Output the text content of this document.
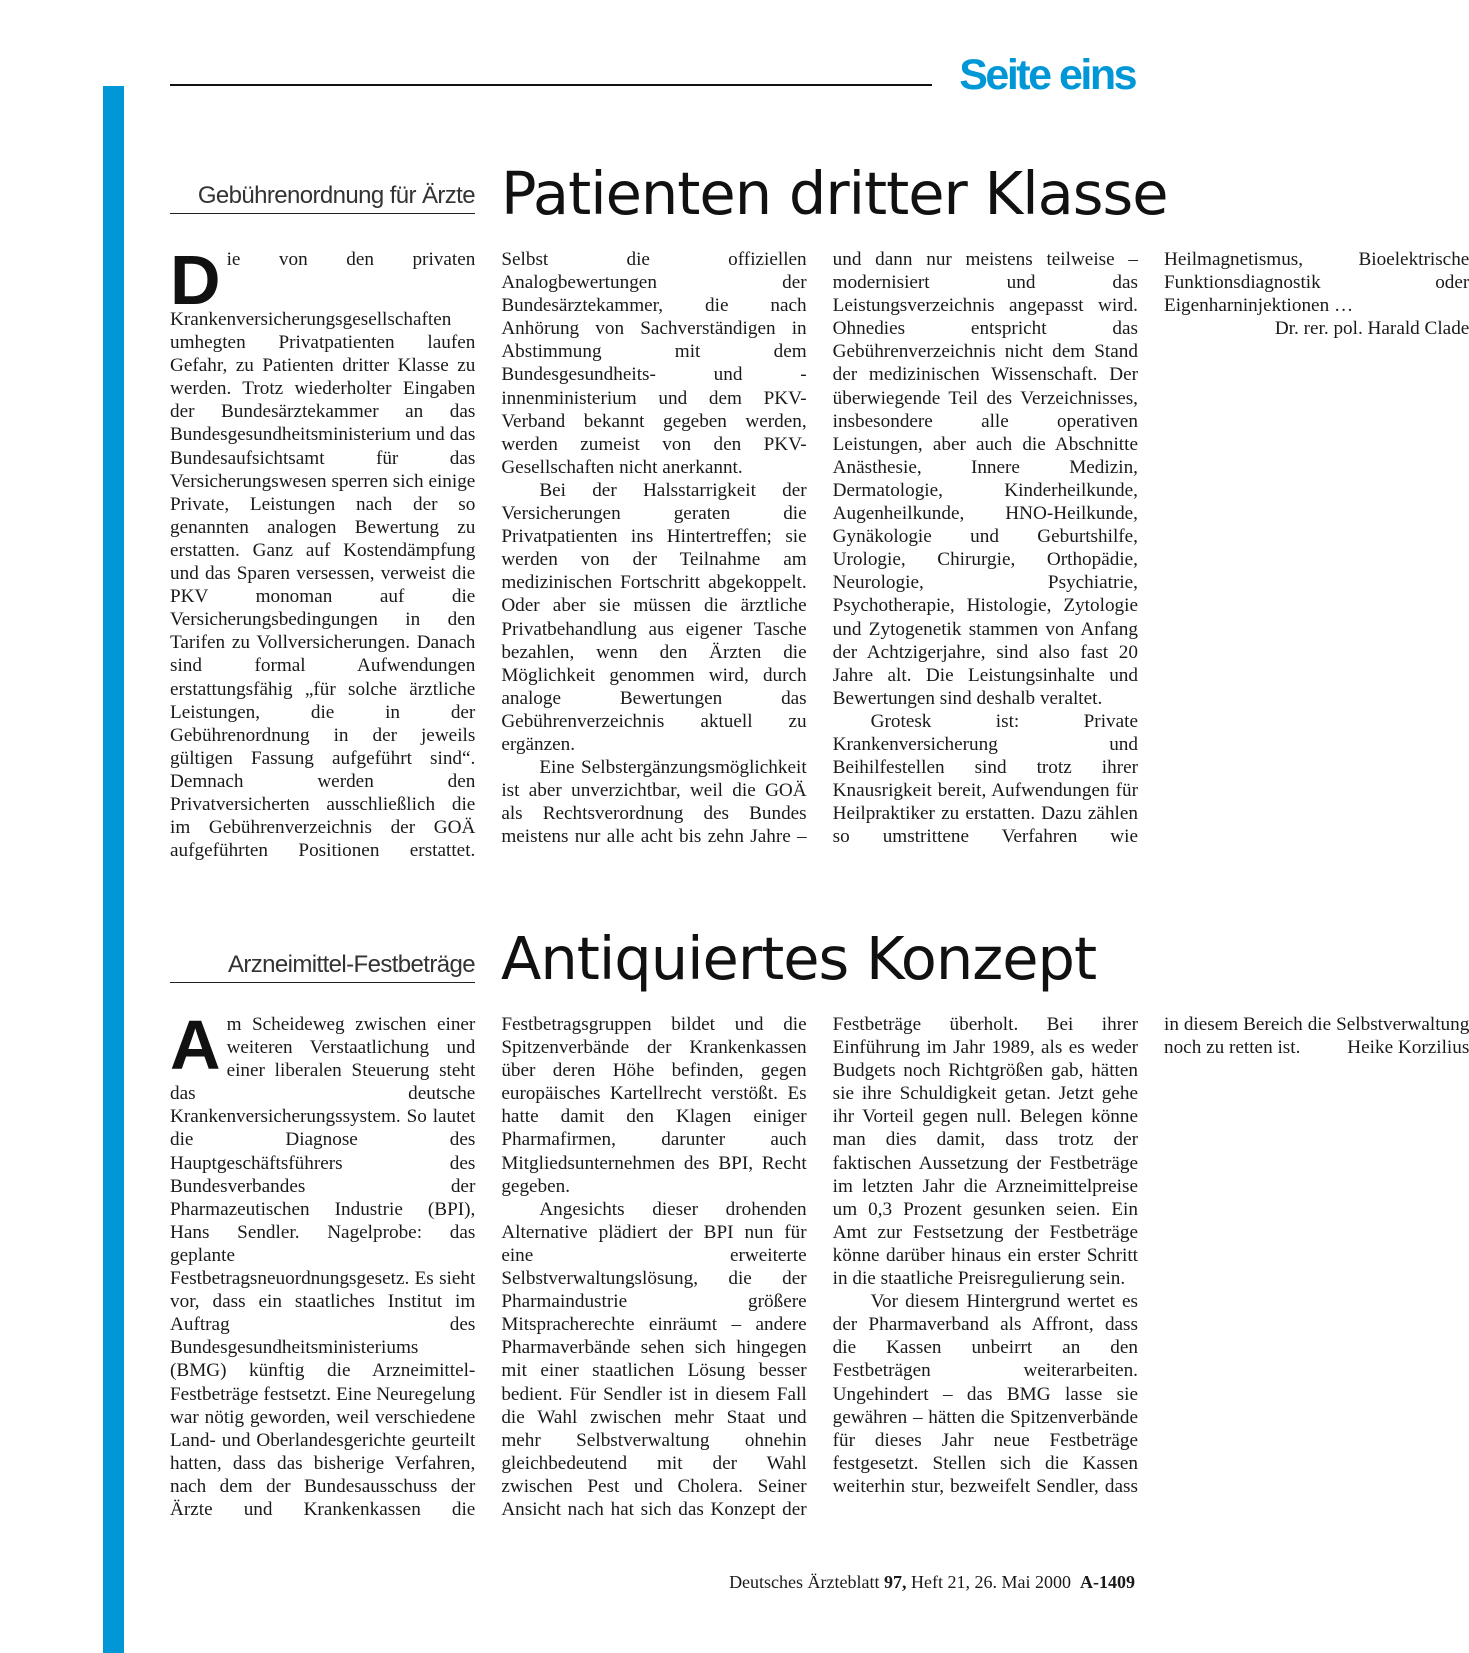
Seite eins
Gebührenordnung für Ärzte Patienten dritter Klasse

Die von den privaten Krankenversicherungsgesellschaften umhegten Privatpatienten laufen Gefahr, zu Patienten dritter Klasse zu werden. Trotz wiederholter Eingaben der Bundesärztekammer an das Bundesgesundheitsministerium und das Bundesaufsichtsamt für das Versicherungswesen sperren sich einige Private, Leistungen nach der so genannten analogen Bewertung zu erstatten. Ganz auf Kostendämpfung und das Sparen versessen, verweist die PKV monoman auf die Versicherungsbedingungen in den Tarifen zu Vollversicherungen. Danach sind formal Aufwendungen erstattungsfähig „für solche ärztliche Leistungen, die in der Gebührenordnung in der jeweils gültigen Fassung aufgeführt sind“. Demnach werden den Privatversicherten ausschließlich die im Gebührenverzeichnis der GOÄ aufgeführten Positionen erstattet. Selbst die offiziellen Analogbewertungen der Bundesärztekammer, die nach Anhörung von Sachverständigen in Abstimmung mit dem Bundesgesundheits- und -innenministerium und dem PKV-Verband bekannt gegeben werden, werden zumeist von den PKV-Gesellschaften nicht anerkannt.

Bei der Halsstarrigkeit der Versicherungen geraten die Privatpatienten ins Hintertreffen; sie werden von der Teilnahme am medizinischen Fortschritt abgekoppelt. Oder aber sie müssen die ärztliche Privatbehandlung aus eigener Tasche bezahlen, wenn den Ärzten die Möglichkeit genommen wird, durch analoge Bewertungen das Gebührenverzeichnis aktuell zu ergänzen.

Eine Selbstergänzungsmöglichkeit ist aber unverzichtbar, weil die GOÄ als Rechtsverordnung des Bundes meistens nur alle acht bis zehn Jahre – und dann nur meistens teilweise – modernisiert und das Leistungsverzeichnis angepasst wird. Ohnedies entspricht das Gebührenverzeichnis nicht dem Stand der medizinischen Wissenschaft. Der überwiegende Teil des Verzeichnisses, insbesondere alle operativen Leistungen, aber auch die Abschnitte Anästhesie, Innere Medizin, Dermatologie, Kinderheilkunde, Augenheilkunde, HNO-Heilkunde, Gynäkologie und Geburtshilfe, Urologie, Chirurgie, Orthopädie, Neurologie, Psychiatrie, Psychotherapie, Histologie, Zytologie und Zytogenetik stammen von Anfang der Achtzigerjahre, sind also fast 20 Jahre alt. Die Leistungsinhalte und Bewertungen sind deshalb veraltet.

Grotesk ist: Private Krankenversicherung und Beihilfestellen sind trotz ihrer Knausrigkeit bereit, Aufwendungen für Heilpraktiker zu erstatten. Dazu zählen so umstrittene Verfahren wie Heilmagnetismus, Bioelektrische Funktionsdiagnostik oder Eigenharninjektionen …
Dr. rer. pol. Harald Clade

Arzneimittel-Festbeträge Antiquiertes Konzept

Am Scheideweg zwischen einer weiteren Verstaatlichung und einer liberalen Steuerung steht das deutsche Krankenversicherungssystem. So lautet die Diagnose des Hauptgeschäftsführers des Bundesverbandes der Pharmazeutischen Industrie (BPI), Hans Sendler. Nagelprobe: das geplante Festbetragsneuordnungsgesetz. Es sieht vor, dass ein staatliches Institut im Auftrag des Bundesgesundheitsministeriums (BMG) künftig die Arzneimittel-Festbeträge festsetzt. Eine Neuregelung war nötig geworden, weil verschiedene Land- und Oberlandesgerichte geurteilt hatten, dass das bisherige Verfahren, nach dem der Bundesausschuss der Ärzte und Krankenkassen die Festbetragsgruppen bildet und die Spitzenverbände der Krankenkassen über deren Höhe befinden, gegen europäisches Kartellrecht verstößt. Es hatte damit den Klagen einiger Pharmafirmen, darunter auch Mitgliedsunternehmen des BPI, Recht gegeben.

Angesichts dieser drohenden Alternative plädiert der BPI nun für eine erweiterte Selbstverwaltungslösung, die der Pharmaindustrie größere Mitspracherechte einräumt – andere Pharmaverbände sehen sich hingegen mit einer staatlichen Lösung besser bedient. Für Sendler ist in diesem Fall die Wahl zwischen mehr Staat und mehr Selbstverwaltung ohnehin gleichbedeutend mit der Wahl zwischen Pest und Cholera. Seiner Ansicht nach hat sich das Konzept der Festbeträge überholt. Bei ihrer Einführung im Jahr 1989, als es weder Budgets noch Richtgrößen gab, hätten sie ihre Schuldigkeit getan. Jetzt gehe ihr Vorteil gegen null. Belegen könne man dies damit, dass trotz der faktischen Aussetzung der Festbeträge im letzten Jahr die Arzneimittelpreise um 0,3 Prozent gesunken seien. Ein Amt zur Festsetzung der Festbeträge könne darüber hinaus ein erster Schritt in die staatliche Preisregulierung sein.

Vor diesem Hintergrund wertet es der Pharmaverband als Affront, dass die Kassen unbeirrt an den Festbeträgen weiterarbeiten. Ungehindert – das BMG lasse sie gewähren – hätten die Spitzenverbände für dieses Jahr neue Festbeträge festgesetzt. Stellen sich die Kassen weiterhin stur, bezweifelt Sendler, dass in diesem Bereich die Selbstverwaltung noch zu retten ist.	Heike Korzilius

Deutsches Ärzteblatt 97, Heft 21, 26. Mai 2000 A-1409
